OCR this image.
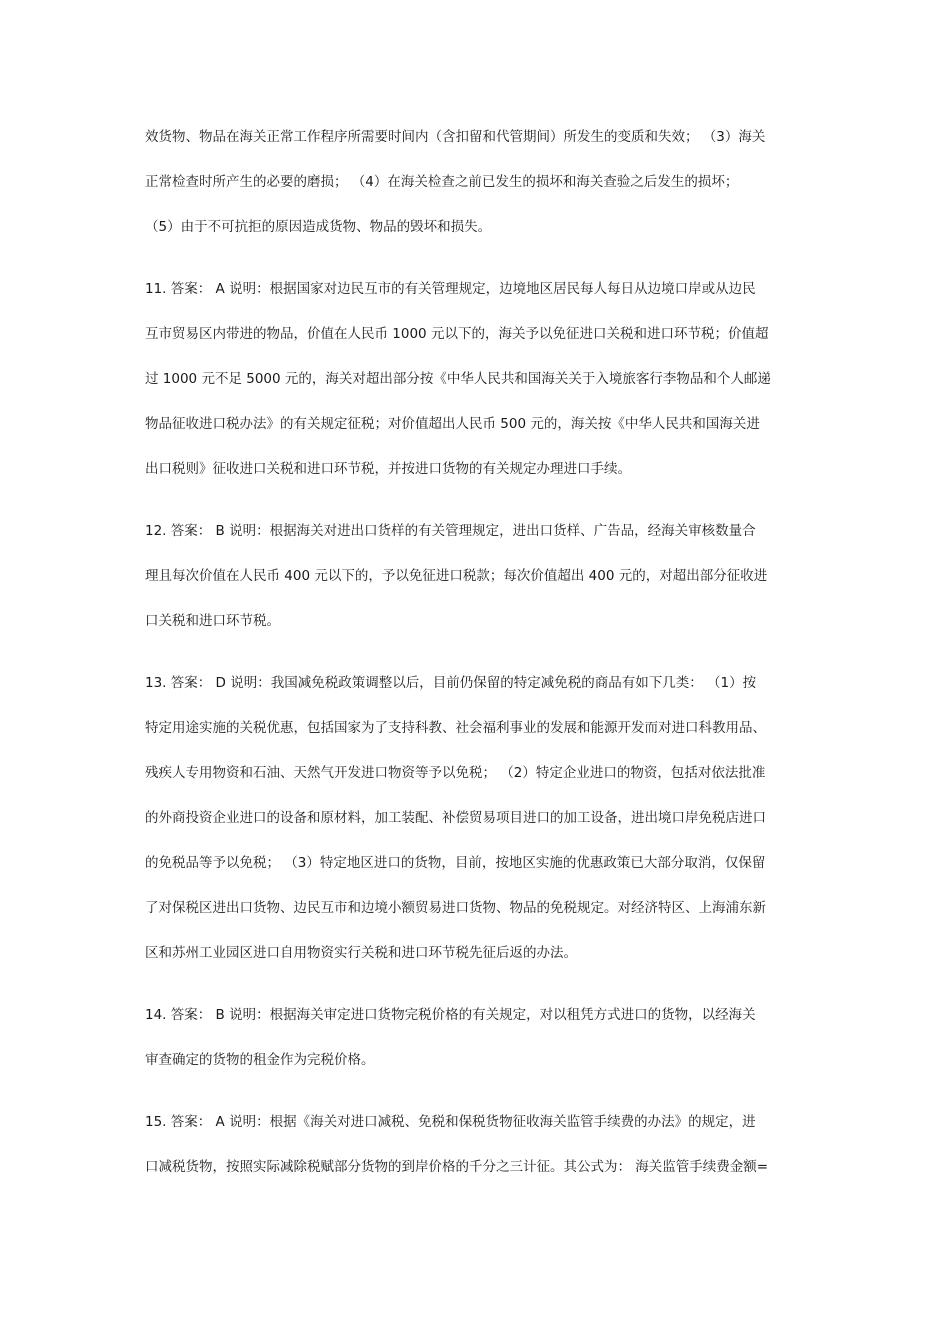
效货物、物品在海关正常工作程序所需要时间内（含扣留和代管期间）所发生的变质和失效； （3）海关
正常检查时所产生的必要的磨损； （4）在海关检查之前已发生的损坏和海关查验之后发生的损坏；
（5）由于不可抗拒的原因造成货物、物品的毁坏和损失。
11. 答案： A 说明：根据国家对边民互市的有关管理规定，边境地区居民每人每日从边境口岸或从边民
互市贸易区内带进的物品，价值在人民币 1000 元以下的，海关予以免征进口关税和进口环节税；价值超
过 1000 元不足 5000 元的，海关对超出部分按《中华人民共和国海关关于入境旅客行李物品和个人邮递
物品征收进口税办法》的有关规定征税；对价值超出人民币 500 元的，海关按《中华人民共和国海关进
出口税则》征收进口关税和进口环节税，并按进口货物的有关规定办理进口手续。
12. 答案： B 说明：根据海关对进出口货样的有关管理规定，进出口货样、广告品，经海关审核数量合
理且每次价值在人民币 400 元以下的，予以免征进口税款；每次价值超出 400 元的，对超出部分征收进
口关税和进口环节税。
13. 答案： D 说明：我国减免税政策调整以后，目前仍保留的特定减免税的商品有如下几类： （1）按
特定用途实施的关税优惠，包括国家为了支持科教、社会福利事业的发展和能源开发而对进口科教用品、
残疾人专用物资和石油、天然气开发进口物资等予以免税； （2）特定企业进口的物资，包括对依法批准
的外商投资企业进口的设备和原材料，加工装配、补偿贸易项目进口的加工设备，进出境口岸免税店进口
的免税品等予以免税； （3）特定地区进口的货物，目前，按地区实施的优惠政策已大部分取消，仅保留
了对保税区进出口货物、边民互市和边境小额贸易进口货物、物品的免税规定。对经济特区、上海浦东新
区和苏州工业园区进口自用物资实行关税和进口环节税先征后返的办法。
14. 答案： B 说明：根据海关审定进口货物完税价格的有关规定，对以租凭方式进口的货物，以经海关
审查确定的货物的租金作为完税价格。
15. 答案： A 说明：根据《海关对进口减税、免税和保税货物征收海关监管手续费的办法》的规定，进
口减税货物，按照实际减除税赋部分货物的到岸价格的千分之三计征。其公式为： 海关监管手续费金额=
